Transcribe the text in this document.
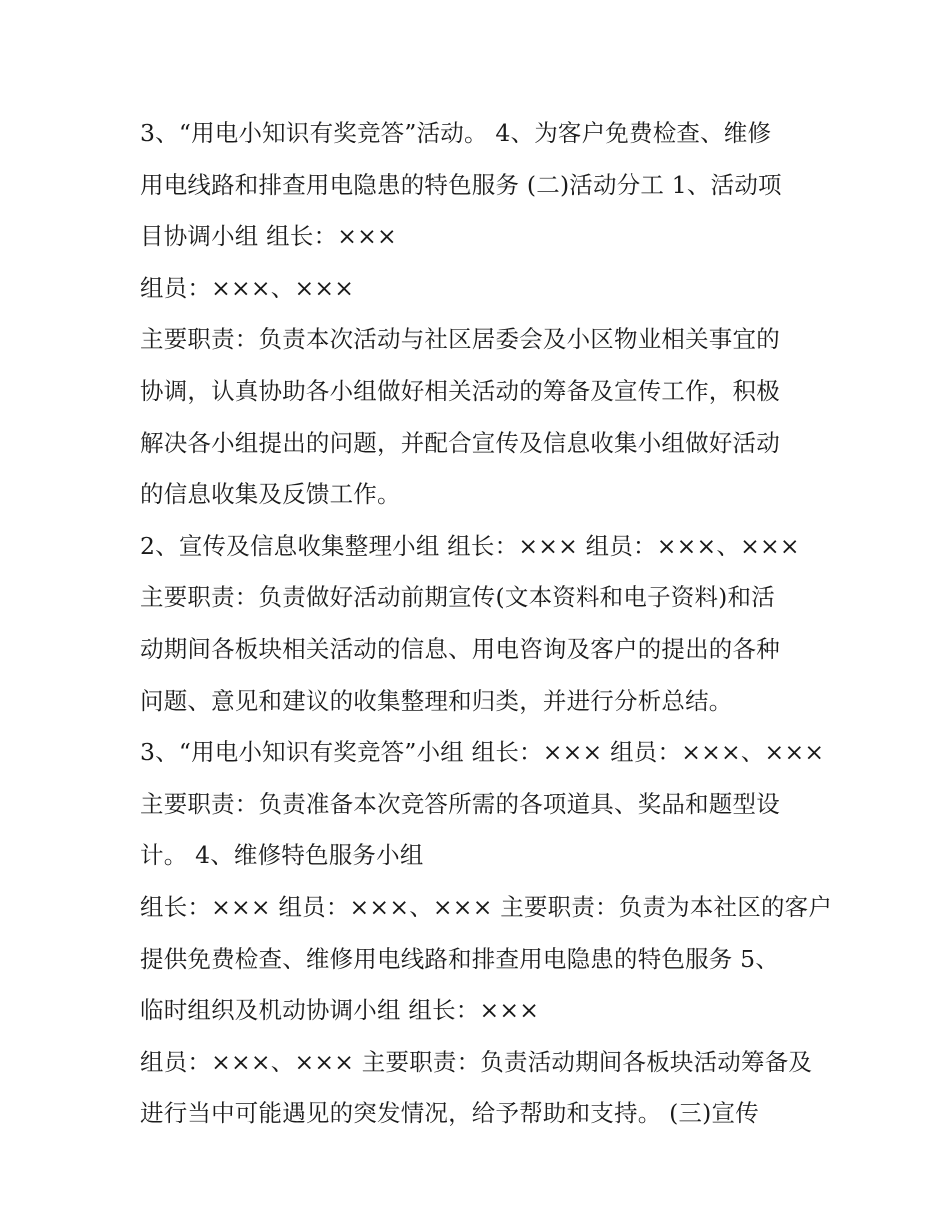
3、“用电小知识有奖竞答”活动。 4、为客户免费检查、维修
用电线路和排查用电隐患的特色服务 (二)活动分工 1、活动项
目协调小组 组长：×××
组员：×××、×××
主要职责：负责本次活动与社区居委会及小区物业相关事宜的
协调，认真协助各小组做好相关活动的筹备及宣传工作，积极
解决各小组提出的问题，并配合宣传及信息收集小组做好活动
的信息收集及反馈工作。
2、宣传及信息收集整理小组 组长：××× 组员：×××、×××
主要职责：负责做好活动前期宣传(文本资料和电子资料)和活
动期间各板块相关活动的信息、用电咨询及客户的提出的各种
问题、意见和建议的收集整理和归类，并进行分析总结。
3、“用电小知识有奖竞答”小组 组长：××× 组员：×××、×××
主要职责：负责准备本次竞答所需的各项道具、奖品和题型设
计。 4、维修特色服务小组
组长：××× 组员：×××、××× 主要职责：负责为本社区的客户
提供免费检查、维修用电线路和排查用电隐患的特色服务 5、
临时组织及机动协调小组 组长：×××
组员：×××、××× 主要职责：负责活动期间各板块活动筹备及
进行当中可能遇见的突发情况，给予帮助和支持。 (三)宣传
